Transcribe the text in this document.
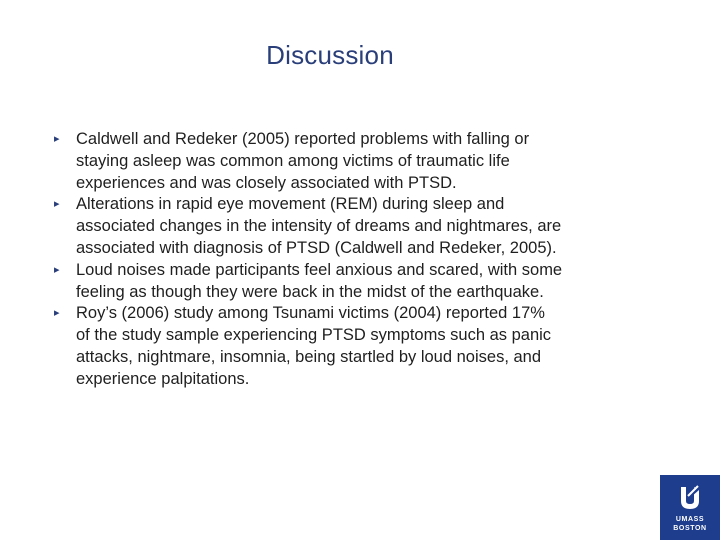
Discussion
▸ Caldwell and Redeker (2005) reported problems with falling or
staying asleep was common among victims of traumatic life
experiences and was closely associated with PTSD.
▸ Alterations in rapid eye movement (REM) during sleep and
associated changes in the intensity of dreams and nightmares, are
associated with diagnosis of PTSD (Caldwell and Redeker, 2005).
▸ Loud noises made participants feel anxious and scared, with some
feeling as though they were back in the midst of the earthquake.
▸ Roy’s (2006) study among Tsunami victims (2004) reported 17%
of the study sample experiencing PTSD symptoms such as panic
attacks, nightmare, insomnia, being startled by loud noises, and
experience palpitations.
UMASS
BOSTON
